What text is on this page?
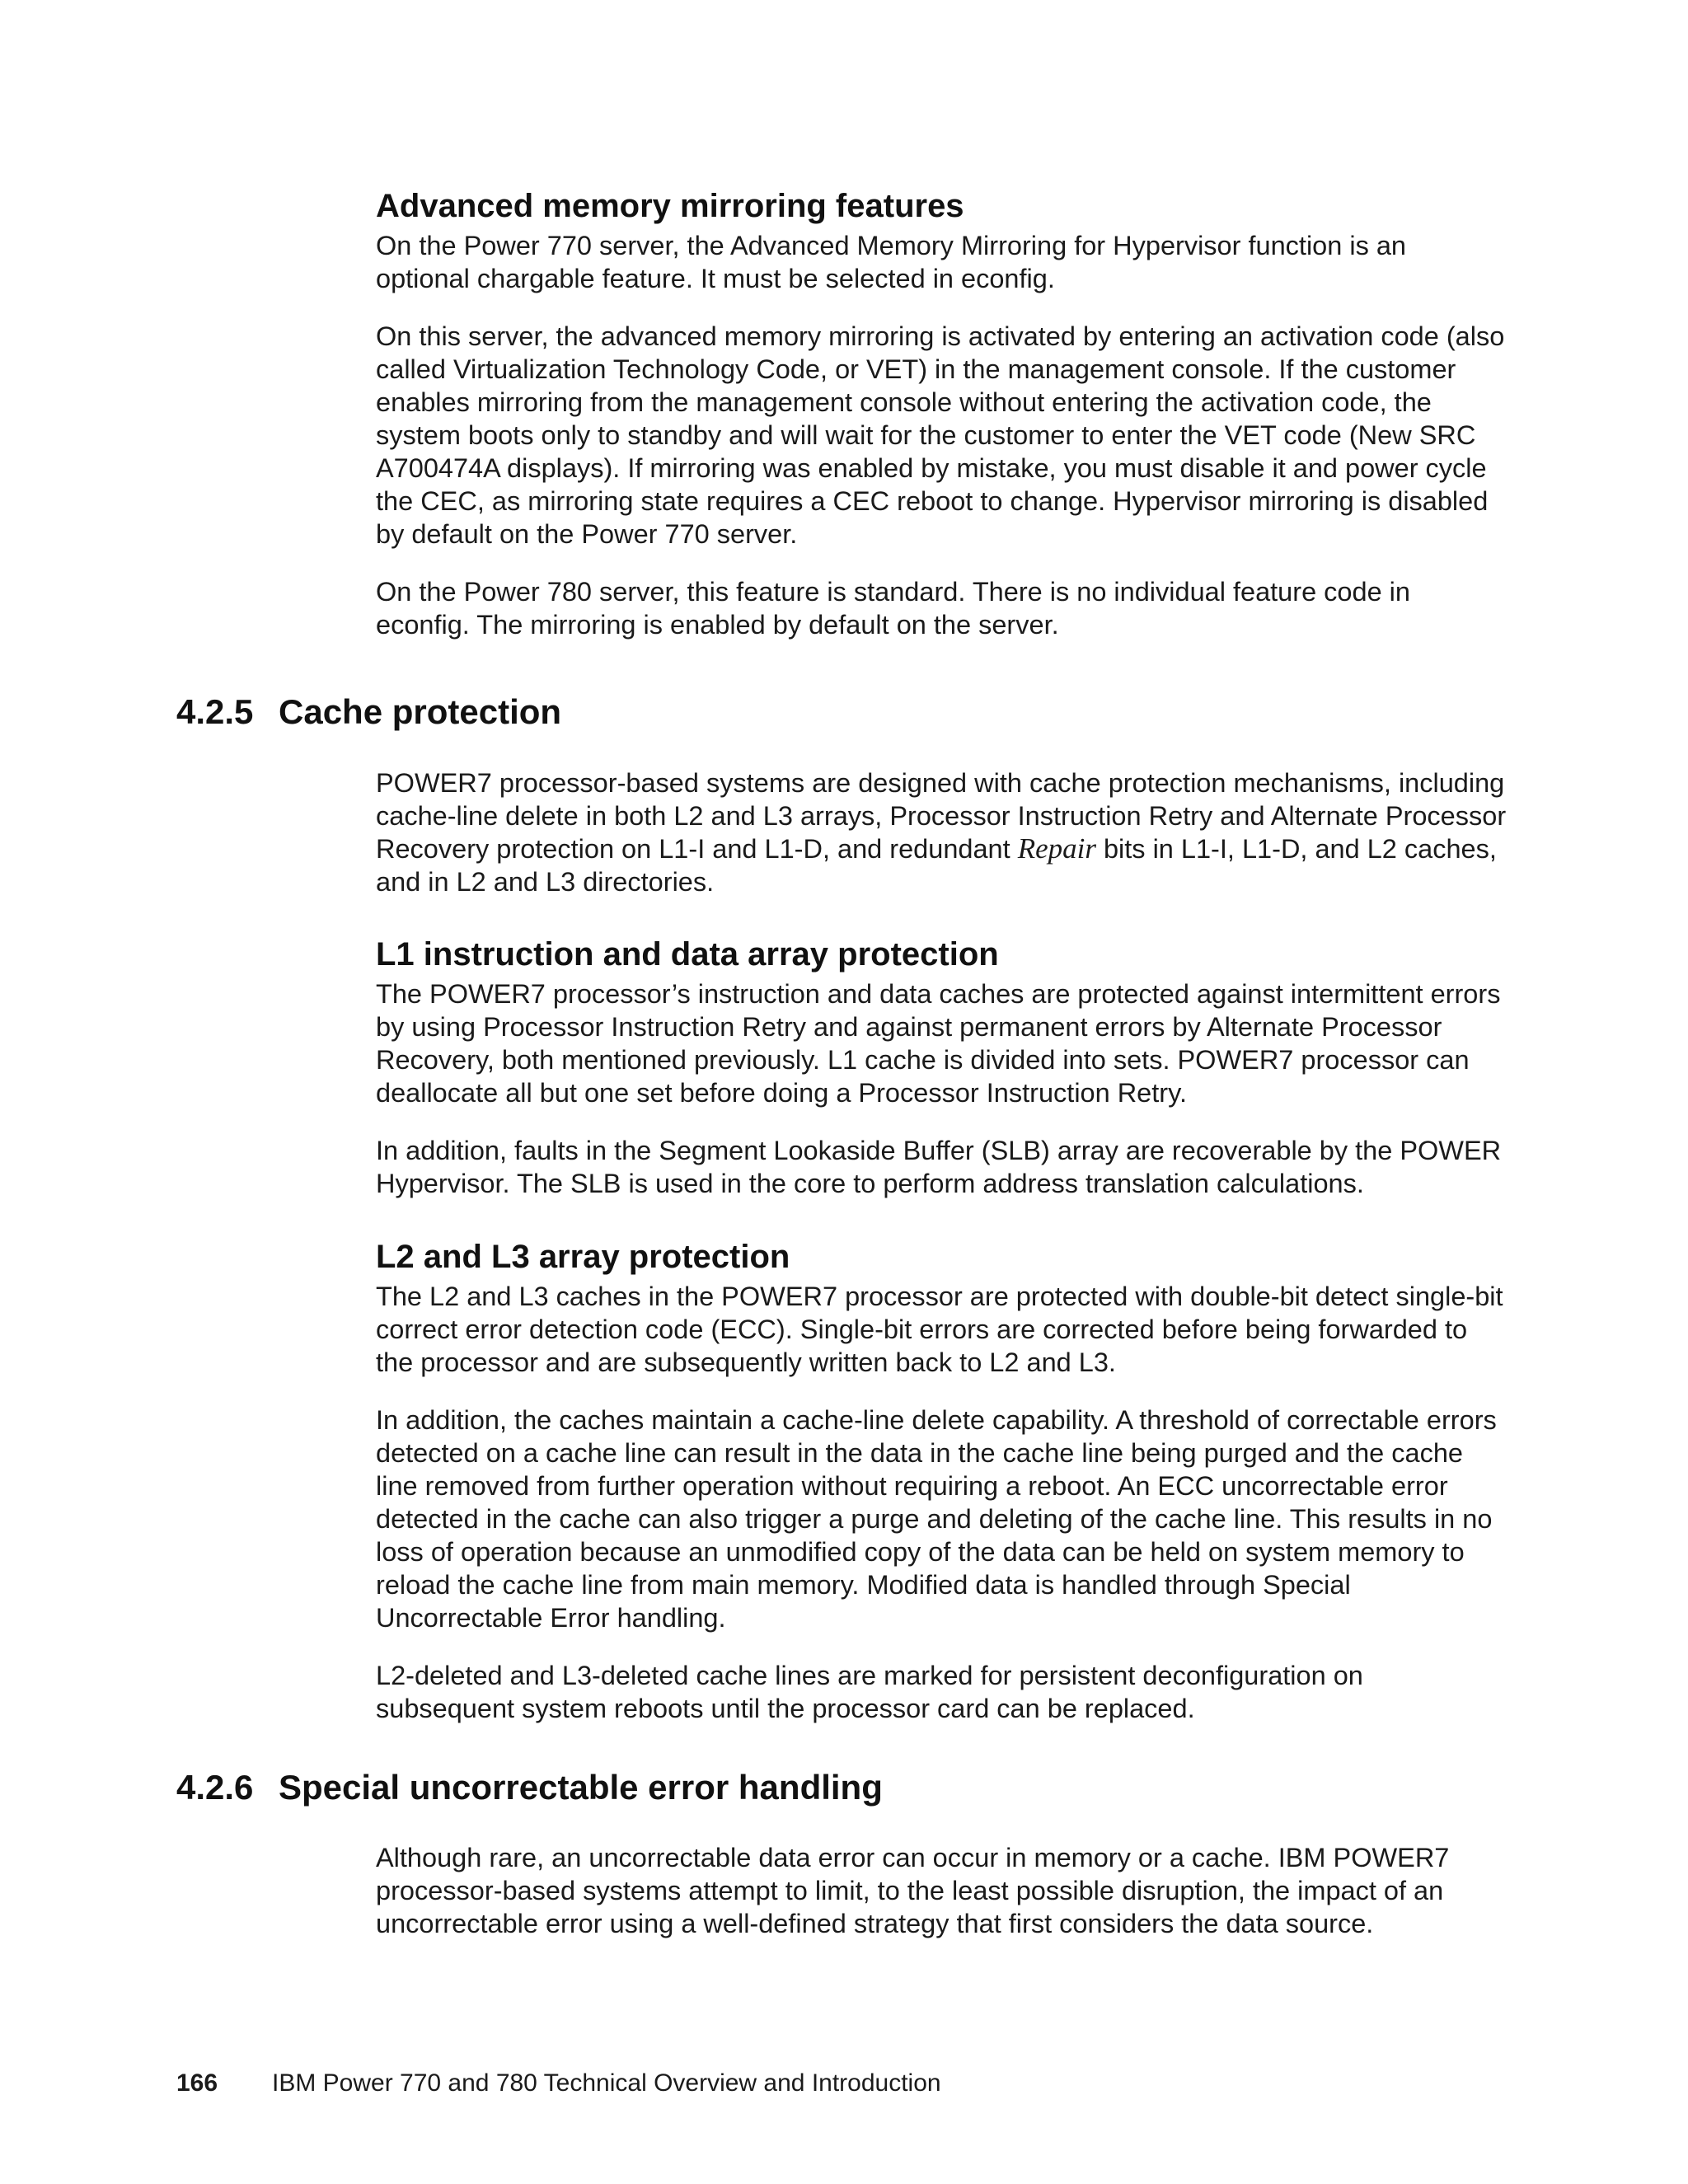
Advanced memory mirroring features

On the Power 770 server, the Advanced Memory Mirroring for Hypervisor function is an optional chargable feature. It must be selected in econfig.

On this server, the advanced memory mirroring is activated by entering an activation code (also called Virtualization Technology Code, or VET) in the management console. If the customer enables mirroring from the management console without entering the activation code, the system boots only to standby and will wait for the customer to enter the VET code (New SRC A700474A displays). If mirroring was enabled by mistake, you must disable it and power cycle the CEC, as mirroring state requires a CEC reboot to change. Hypervisor mirroring is disabled by default on the Power 770 server.

On the Power 780 server, this feature is standard. There is no individual feature code in econfig. The mirroring is enabled by default on the server.

4.2.5 Cache protection

POWER7 processor-based systems are designed with cache protection mechanisms, including cache-line delete in both L2 and L3 arrays, Processor Instruction Retry and Alternate Processor Recovery protection on L1-I and L1-D, and redundant Repair bits in L1-I, L1-D, and L2 caches, and in L2 and L3 directories.

L1 instruction and data array protection

The POWER7 processor’s instruction and data caches are protected against intermittent errors by using Processor Instruction Retry and against permanent errors by Alternate Processor Recovery, both mentioned previously. L1 cache is divided into sets. POWER7 processor can deallocate all but one set before doing a Processor Instruction Retry.

In addition, faults in the Segment Lookaside Buffer (SLB) array are recoverable by the POWER Hypervisor. The SLB is used in the core to perform address translation calculations.

L2 and L3 array protection

The L2 and L3 caches in the POWER7 processor are protected with double-bit detect single-bit correct error detection code (ECC). Single-bit errors are corrected before being forwarded to the processor and are subsequently written back to L2 and L3.

In addition, the caches maintain a cache-line delete capability. A threshold of correctable errors detected on a cache line can result in the data in the cache line being purged and the cache line removed from further operation without requiring a reboot. An ECC uncorrectable error detected in the cache can also trigger a purge and deleting of the cache line. This results in no loss of operation because an unmodified copy of the data can be held on system memory to reload the cache line from main memory. Modified data is handled through Special Uncorrectable Error handling.

L2-deleted and L3-deleted cache lines are marked for persistent deconfiguration on subsequent system reboots until the processor card can be replaced.

4.2.6 Special uncorrectable error handling

Although rare, an uncorrectable data error can occur in memory or a cache. IBM POWER7 processor-based systems attempt to limit, to the least possible disruption, the impact of an uncorrectable error using a well-defined strategy that first considers the data source.

166 IBM Power 770 and 780 Technical Overview and Introduction
